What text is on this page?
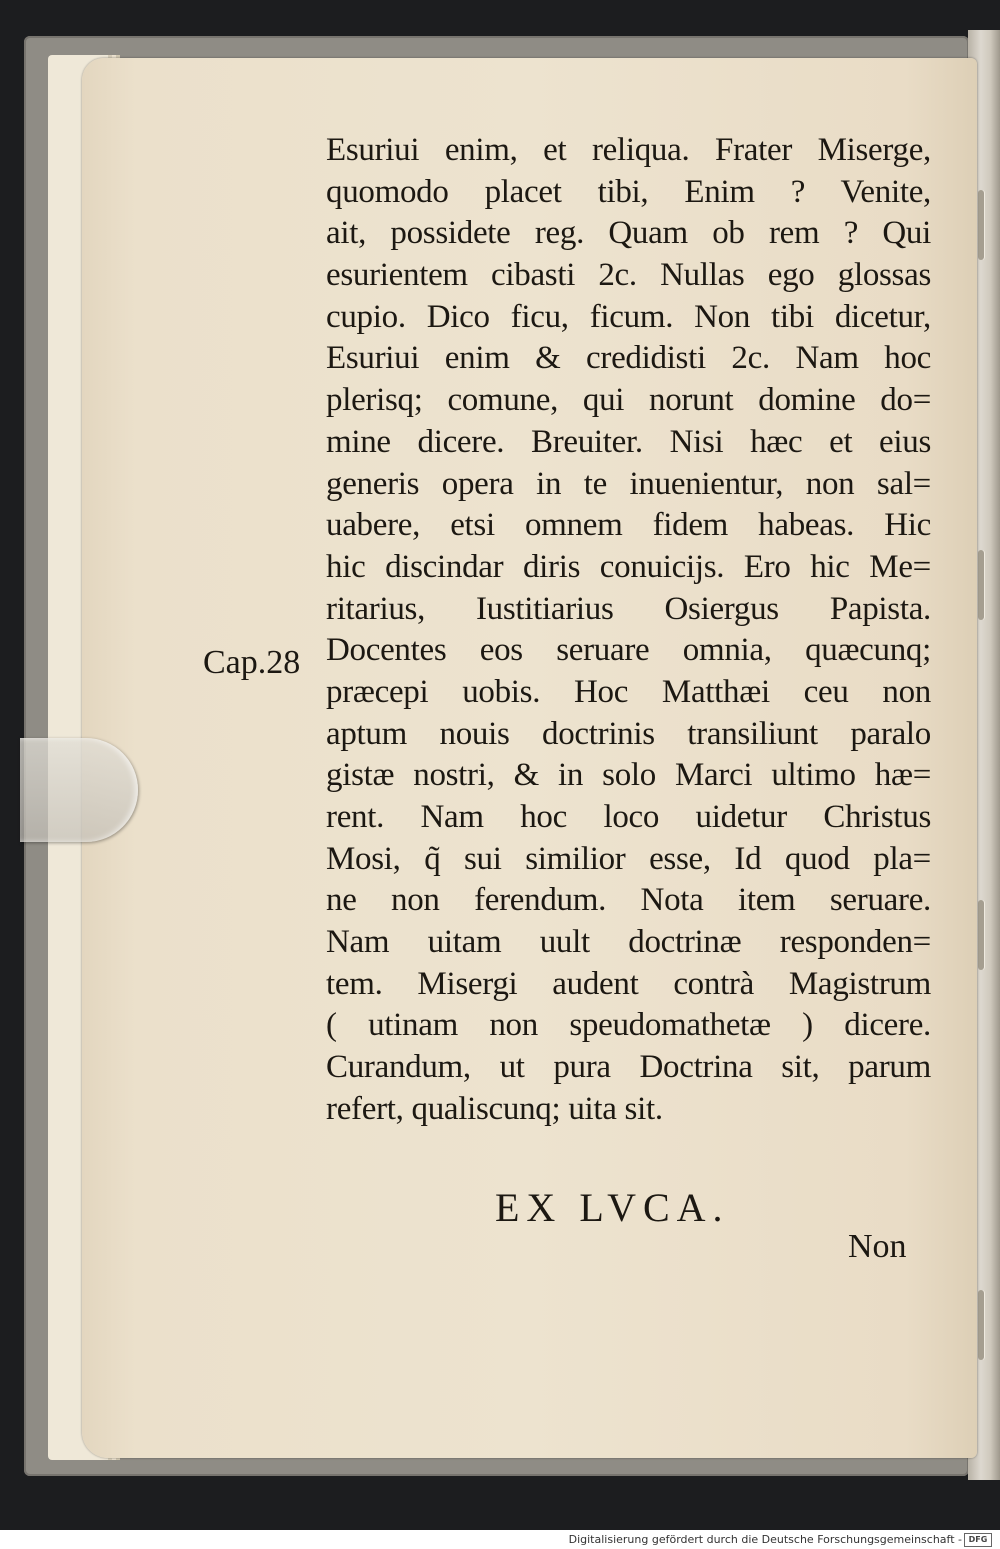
Esuriui enim, et reliqua. Frater Miserge,
quomodo placet tibi, Enim ? Venite,
ait, possidete reg. Quam ob rem ? Qui
esurientem cibasti 2c. Nullas ego glossas
cupio. Dico ficu, ficum. Non tibi dicetur,
Esuriui enim & credidisti 2c. Nam hoc
plerisq; comune, qui norunt domine do=
mine dicere. Breuiter. Nisi hæc et eius
generis opera in te inuenientur, non sal=
uabere, etsi omnem fidem habeas. Hic
hic discindar diris conuicijs. Ero hic Me=
ritarius, Iustitiarius Osiergus Papista.
Docentes eos seruare omnia, quæcunq;
præcepi uobis. Hoc Matthæi ceu non
aptum nouis doctrinis transiliunt paralo
gistæ nostri, & in solo Marci ultimo hæ=
rent. Nam hoc loco uidetur Christus
Mosi, q̃ sui similior esse, Id quod pla=
ne non ferendum. Nota item seruare.
Nam uitam uult doctrinæ responden=
tem. Misergi audent contrà Magistrum
( utinam non speudomathetæ ) dicere.
Curandum, ut pura Doctrina sit, parum
refert, qualiscunq; uita sit.
Cap.28
EX LVCA.
Non
Digitalisierung gefördert durch die Deutsche Forschungsgemeinschaft - DFG
